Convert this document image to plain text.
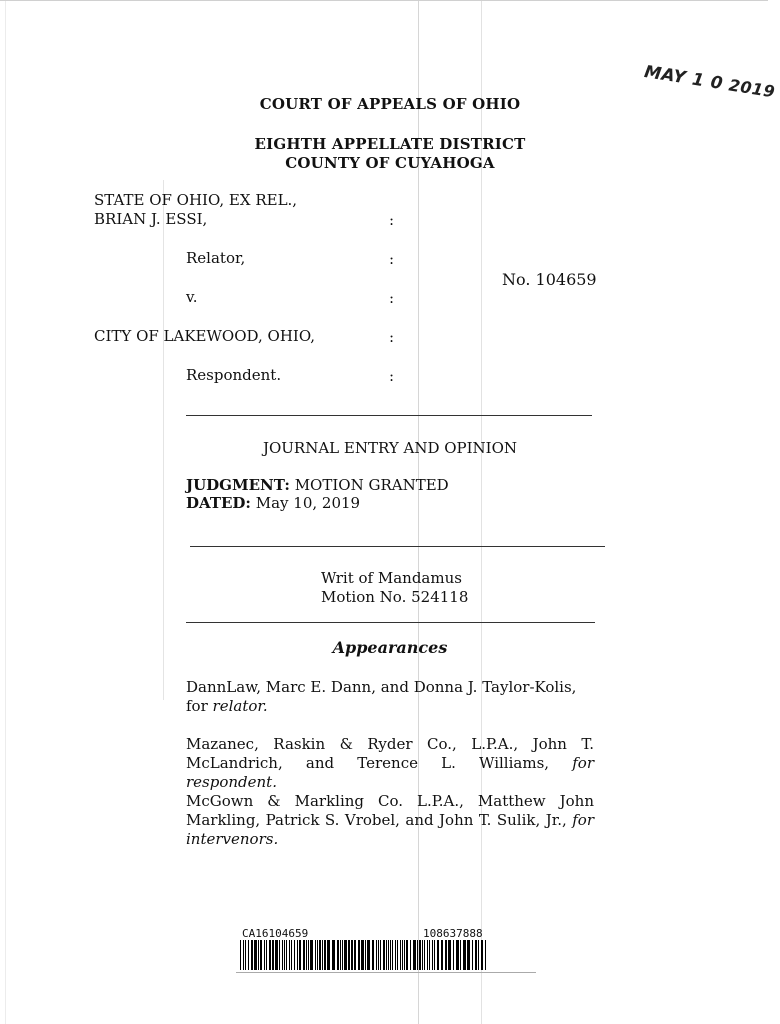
MAY 1 0 2019
COURT OF APPEALS OF OHIO
EIGHTH APPELLATE DISTRICT
COUNTY OF CUYAHOGA
STATE OF OHIO, EX REL.,
BRIAN J. ESSI,	:
Relator,	:
No. 104659
v.	:
CITY OF LAKEWOOD, OHIO,	:
Respondent.	:
JOURNAL ENTRY AND OPINION
JUDGMENT: MOTION GRANTED
DATED: May 10, 2019
Writ of Mandamus
Motion No. 524118
Appearances
DannLaw, Marc E. Dann, and Donna J. Taylor-Kolis,
for relator.
Mazanec, Raskin & Ryder Co., L.P.A., John T. McLandrich, and Terence L. Williams, for respondent.
McGown & Markling Co. L.P.A., Matthew John Markling, Patrick S. Vrobel, and John T. Sulik, Jr., for intervenors.
CA16104659	108637888
